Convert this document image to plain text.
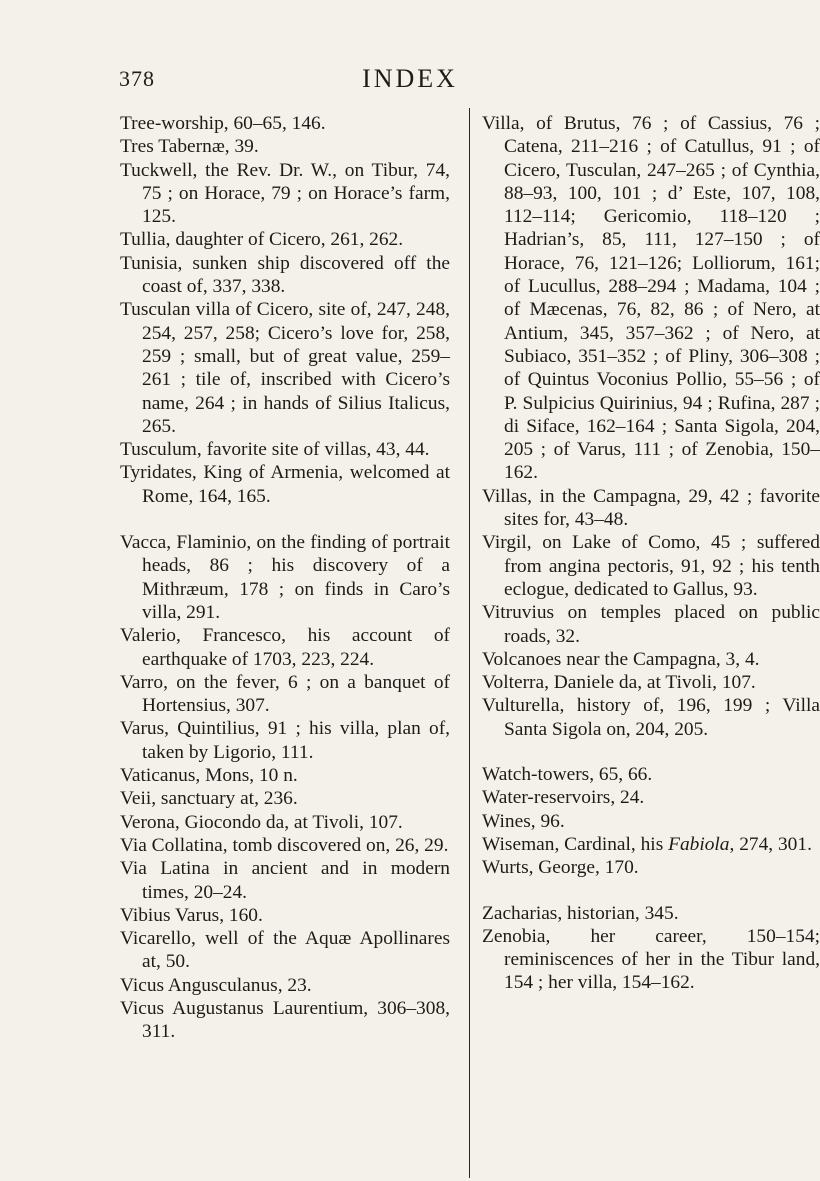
378	INDEX
Tree-worship, 60–65, 146.
Tres Tabernæ, 39.
Tuckwell, the Rev. Dr. W., on Tibur, 74, 75 ; on Horace, 79 ; on Horace’s farm, 125.
Tullia, daughter of Cicero, 261, 262.
Tunisia, sunken ship discovered off the coast of, 337, 338.
Tusculan villa of Cicero, site of, 247, 248, 254, 257, 258; Cicero’s love for, 258, 259 ; small, but of great value, 259–261 ; tile of, inscribed with Cicero’s name, 264 ; in hands of Silius Italicus, 265.
Tusculum, favorite site of villas, 43, 44.
Tyridates, King of Armenia, welcomed at Rome, 164, 165.
Vacca, Flaminio, on the finding of portrait heads, 86 ; his discovery of a Mithræum, 178 ; on finds in Caro’s villa, 291.
Valerio, Francesco, his account of earthquake of 1703, 223, 224.
Varro, on the fever, 6 ; on a banquet of Hortensius, 307.
Varus, Quintilius, 91 ; his villa, plan of, taken by Ligorio, 111.
Vaticanus, Mons, 10 n.
Veii, sanctuary at, 236.
Verona, Giocondo da, at Tivoli, 107.
Via Collatina, tomb discovered on, 26, 29.
Via Latina in ancient and in modern times, 20–24.
Vibius Varus, 160.
Vicarello, well of the Aquæ Apollinares at, 50.
Vicus Angusculanus, 23.
Vicus Augustanus Laurentium, 306–308, 311.
Villa, of Brutus, 76 ; of Cassius, 76 ; Catena, 211–216 ; of Catullus, 91 ; of Cicero, Tusculan, 247–265 ; of Cynthia, 88–93, 100, 101 ; d’ Este, 107, 108, 112–114; Gericomio, 118–120 ; Hadrian’s, 85, 111, 127–150 ; of Horace, 76, 121–126; Lolliorum, 161; of Lucullus, 288–294 ; Madama, 104 ; of Mæcenas, 76, 82, 86 ; of Nero, at Antium, 345, 357–362 ; of Nero, at Subiaco, 351–352 ; of Pliny, 306–308 ; of Quintus Voconius Pollio, 55–56 ; of P. Sulpicius Quirinius, 94 ; Rufina, 287 ; di Siface, 162–164 ; Santa Sigola, 204, 205 ; of Varus, 111 ; of Zenobia, 150–162.
Villas, in the Campagna, 29, 42 ; favorite sites for, 43–48.
Virgil, on Lake of Como, 45 ; suffered from angina pectoris, 91, 92 ; his tenth eclogue, dedicated to Gallus, 93.
Vitruvius on temples placed on public roads, 32.
Volcanoes near the Campagna, 3, 4.
Volterra, Daniele da, at Tivoli, 107.
Vulturella, history of, 196, 199 ; Villa Santa Sigola on, 204, 205.
Watch-towers, 65, 66.
Water-reservoirs, 24.
Wines, 96.
Wiseman, Cardinal, his Fabiola, 274, 301.
Wurts, George, 170.
Zacharias, historian, 345.
Zenobia, her career, 150–154; reminiscences of her in the Tibur land, 154 ; her villa, 154–162.
